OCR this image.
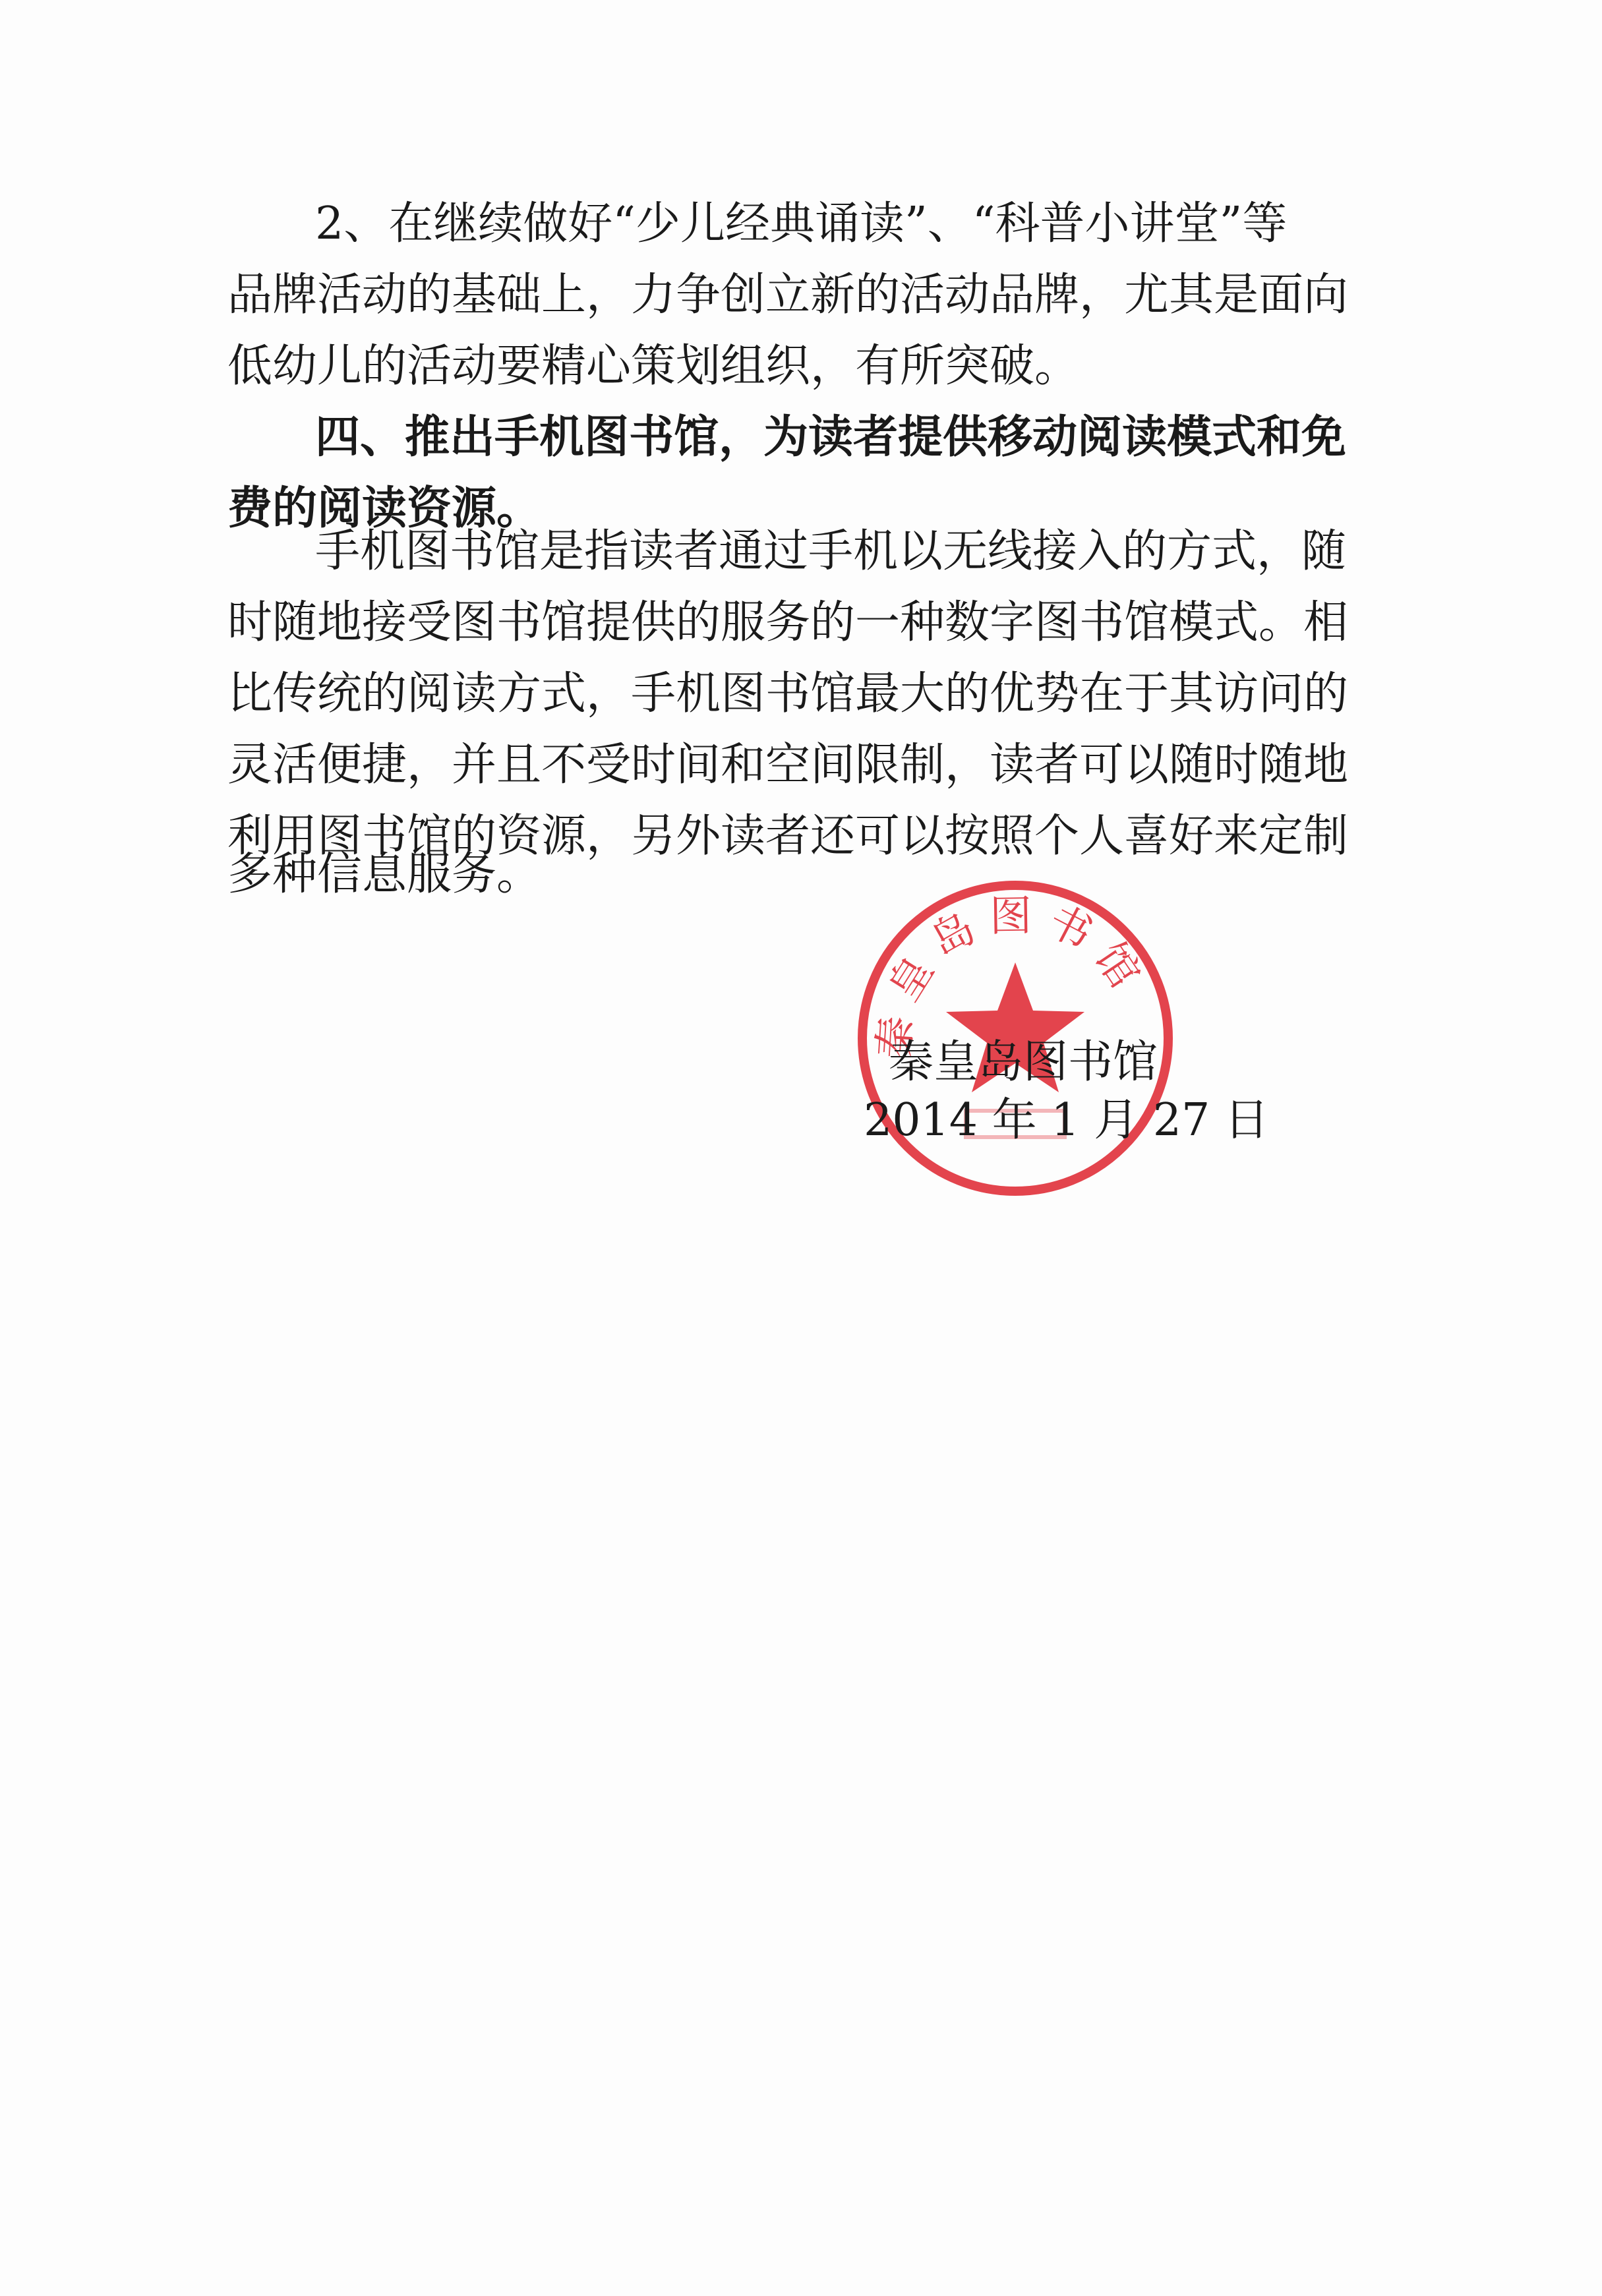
2、在继续做好“少儿经典诵读”、“科普小讲堂”等
品牌活动的基础上，力争创立新的活动品牌，尤其是面向
低幼儿的活动要精心策划组织，有所突破。
四、推出手机图书馆，为读者提供移动阅读模式和免
费的阅读资源。
手机图书馆是指读者通过手机以无线接入的方式，随
时随地接受图书馆提供的服务的一种数字图书馆模式。相
比传统的阅读方式，手机图书馆最大的优势在于其访问的
灵活便捷，并且不受时间和空间限制，读者可以随时随地
利用图书馆的资源，另外读者还可以按照个人喜好来定制
多种信息服务。
秦皇岛图书馆
秦皇岛图书馆
2014 年 1 月 27 日
